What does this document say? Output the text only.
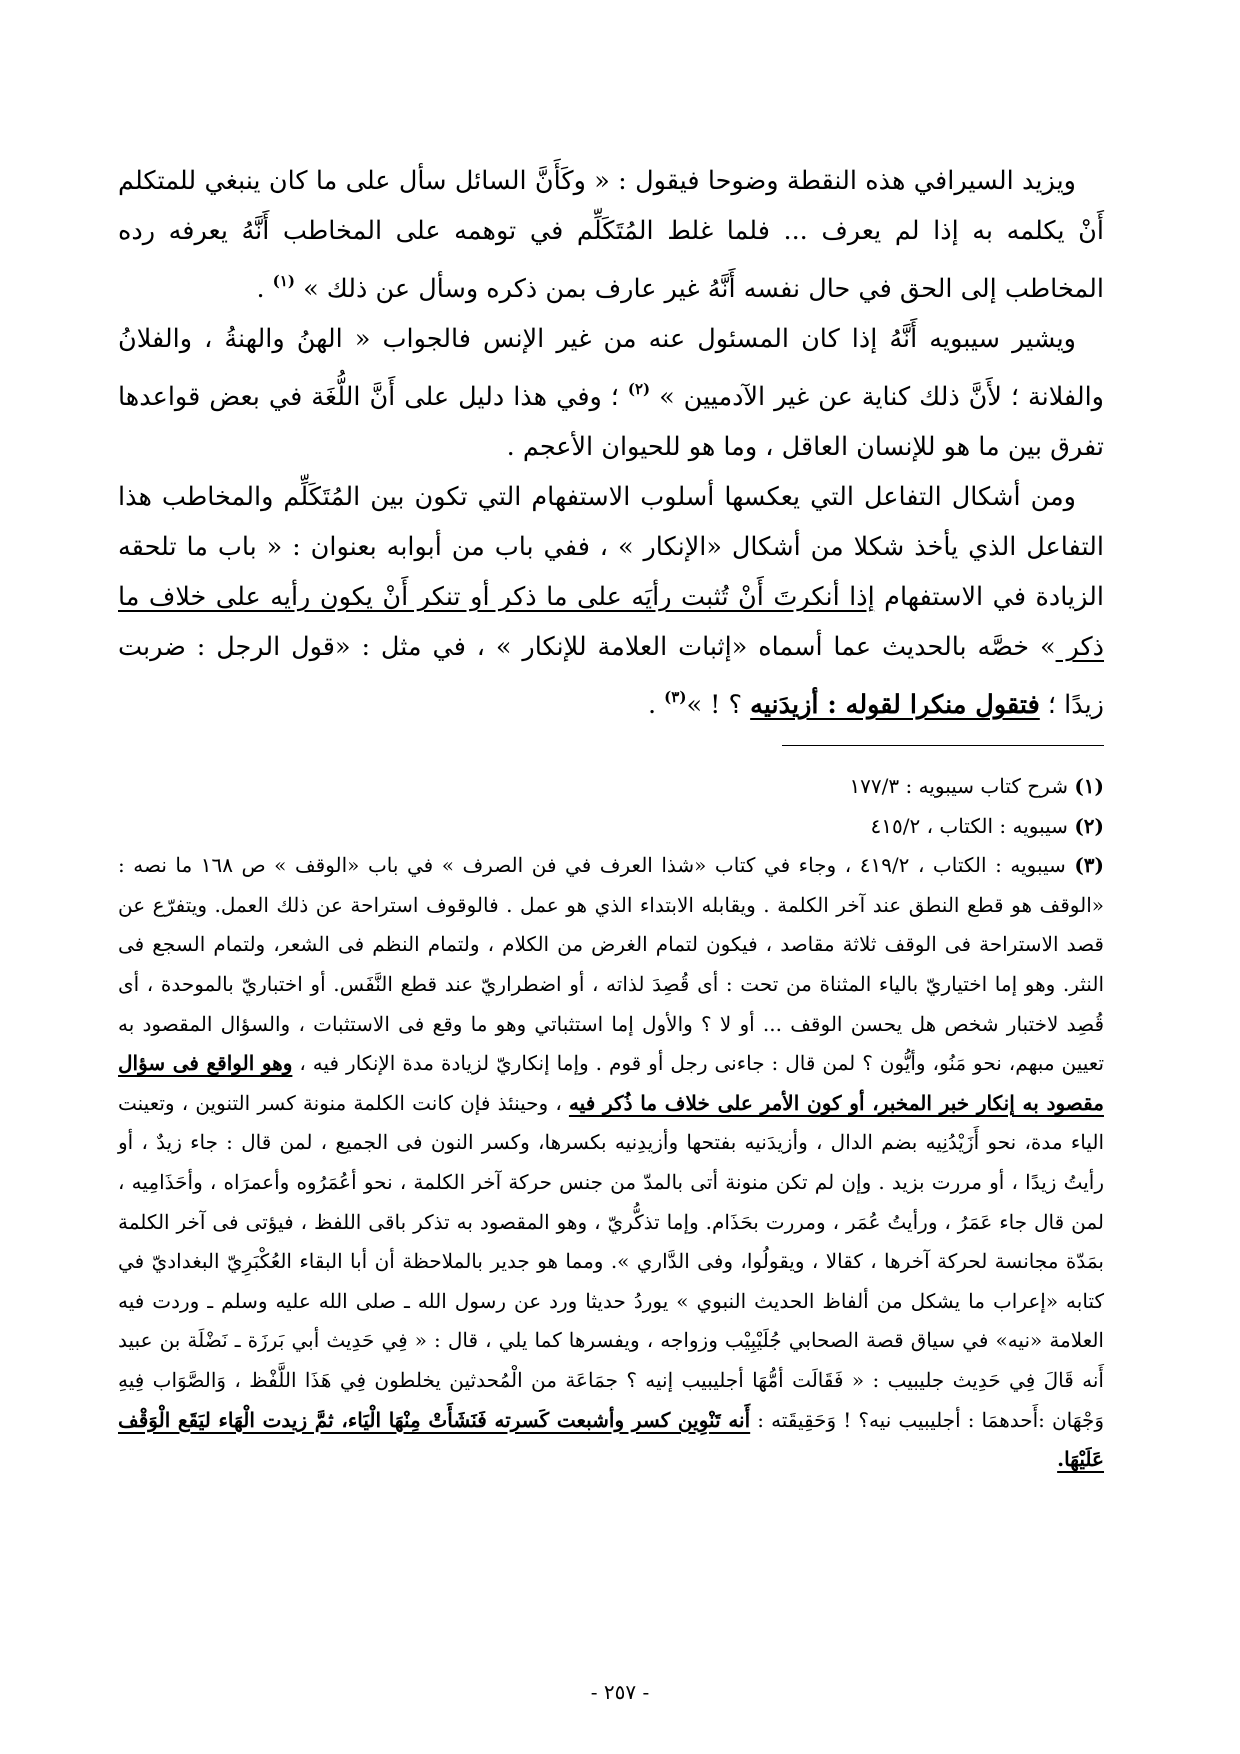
ويزيد السيرافي هذه النقطة وضوحا فيقول : « وكَأَنَّ السائل سأل على ما كان ينبغي للمتكلم أَنْ يكلمه به إذا لم يعرف ... فلما غلط المُتَكَلِّم في توهمه على المخاطب أَنَّهُ يعرفه رده المخاطب إلى الحق في حال نفسه أَنَّهُ غير عارف بمن ذكره وسأل عن ذلك » $^{(١)}$ .

ويشير سيبويه أَنَّهُ إذا كان المسئول عنه من غير الإنس فالجواب « الهنُ والهنةُ ، والفلانُ والفلانة ؛ لأَنَّ ذلك كناية عن غير الآدميين » $^{(٢)}$ ؛ وفي هذا دليل على أَنَّ اللُّغَة في بعض قواعدها تفرق بين ما هو للإنسان العاقل ، وما هو للحيوان الأعجم .

ومن أشكال التفاعل التي يعكسها أسلوب الاستفهام التي تكون بين المُتَكَلِّم والمخاطب هذا التفاعل الذي يأخذ شكلا من أشكال «الإنكار » ، ففي باب من أبوابه بعنوان : « باب ما تلحقه الزيادة في الاستفهام إذا أنكرتَ أَنْ تُثبت رأيَه على ما ذكر أو تنكر أَنْ يكون رأيه على خلاف ما ذكر » خصَّه بالحديث عما أسماه «إثبات العلامة للإنكار » ، في مثل : «قول الرجل : ضربت زيدًا ؛ فتقول منكرا لقوله : أزيدَنيه ؟ ! »$^{(٣)}$ .

(١) شرح كتاب سيبويه : ١٧٧/٣

(٢) سيبويه : الكتاب ، ٤١٥/٢

(٣) سيبويه : الكتاب ، ٤١٩/٢ ، وجاء في كتاب «شذا العرف في فن الصرف » في باب «الوقف » ص ١٦٨ ما نصه : «الوقف هو قطع النطق عند آخر الكلمة . ويقابله الابتداء الذي هو عمل . فالوقوف استراحة عن ذلك العمل. ويتفرّع عن قصد الاستراحة فى الوقف ثلاثة مقاصد ، فيكون لتمام الغرض من الكلام ، ولتمام النظم فى الشعر، ولتمام السجع فى النثر. وهو إما اختياريّ بالياء المثناة من تحت : أى قُصِدَ لذاته ، أو اضطراريّ عند قطع النَّفَس. أو اختباريّ بالموحدة ، أى قُصِد لاختبار شخص هل يحسن الوقف ... أو لا ؟ والأول إما استثباتي وهو ما وقع فى الاستثبات ، والسؤال المقصود به تعيين مبهم، نحو مَنُو، وأيُّون ؟ لمن قال : جاءنى رجل أو قوم . وإما إنكاريّ لزيادة مدة الإنكار فيه ، وهو الواقع فى سؤال مقصود به إنكار خبر المخبر، أو كون الأمر على خلاف ما ذُكر فيه ، وحينئذ فإن كانت الكلمة منونة كسر التنوين ، وتعينت الياء مدة، نحو أَزَيْدُنِيه بضم الدال ، وأزيدَنيه بفتحها وأزيدِنيه بكسرها، وكسر النون فى الجميع ، لمن قال : جاء زيدٌ ، أو رأيتُ زيدًا ، أو مررت بزيد . وإن لم تكن منونة أتى بالمدّ من جنس حركة آخر الكلمة ، نحو أعُمَرُوه وأعمرَاه ، وأحَذَامِيه ، لمن قال جاء عَمَرُ ، ورأيتُ عُمَر ، ومررت بحَذَام. وإما تذكُّريّ ، وهو المقصود به تذكر باقى اللفظ ، فيؤتى فى آخر الكلمة بمَدّة مجانسة لحركة آخرها ، كقالا ، ويقولُوا، وفى الدَّاري ». ومما هو جدير بالملاحظة أن أبا البقاء العُكْبَرِيّ البغداديّ في كتابه «إعراب ما يشكل من ألفاظ الحديث النبوي » يوردُ حديثا ورد عن رسول الله ـ صلى الله عليه وسلم ـ وردت فيه العلامة «نيه» في سياق قصة الصحابي جُلَيْبِيْب وزواجه ، ويفسرها كما يلي ، قال : « فِي حَدِيث أبي بَرزَة ـ نَضْلَة بن عبيد أَنه قَالَ فِي حَدِيث جليبيب : « فَقَالَت أمُّهَا أجليبيب إنيه ؟ جمَاعَة من الْمُحدثين يخلطون فِي هَذَا اللَّفْظ ، وَالصَّوَاب فِيهِ وَجْهَان :أَحدهمَا : أجليبيب نيه؟ ! وَحَقِيقَته : أَنه تَنْوِين كسر وأشبعت كَسرته فَنَشَأَتْ مِنْهَا الْيَاء، ثمَّ زيدت الْهَاء ليَقَع الْوَقْف عَلَيْهَا.

- ٢٥٧ -
